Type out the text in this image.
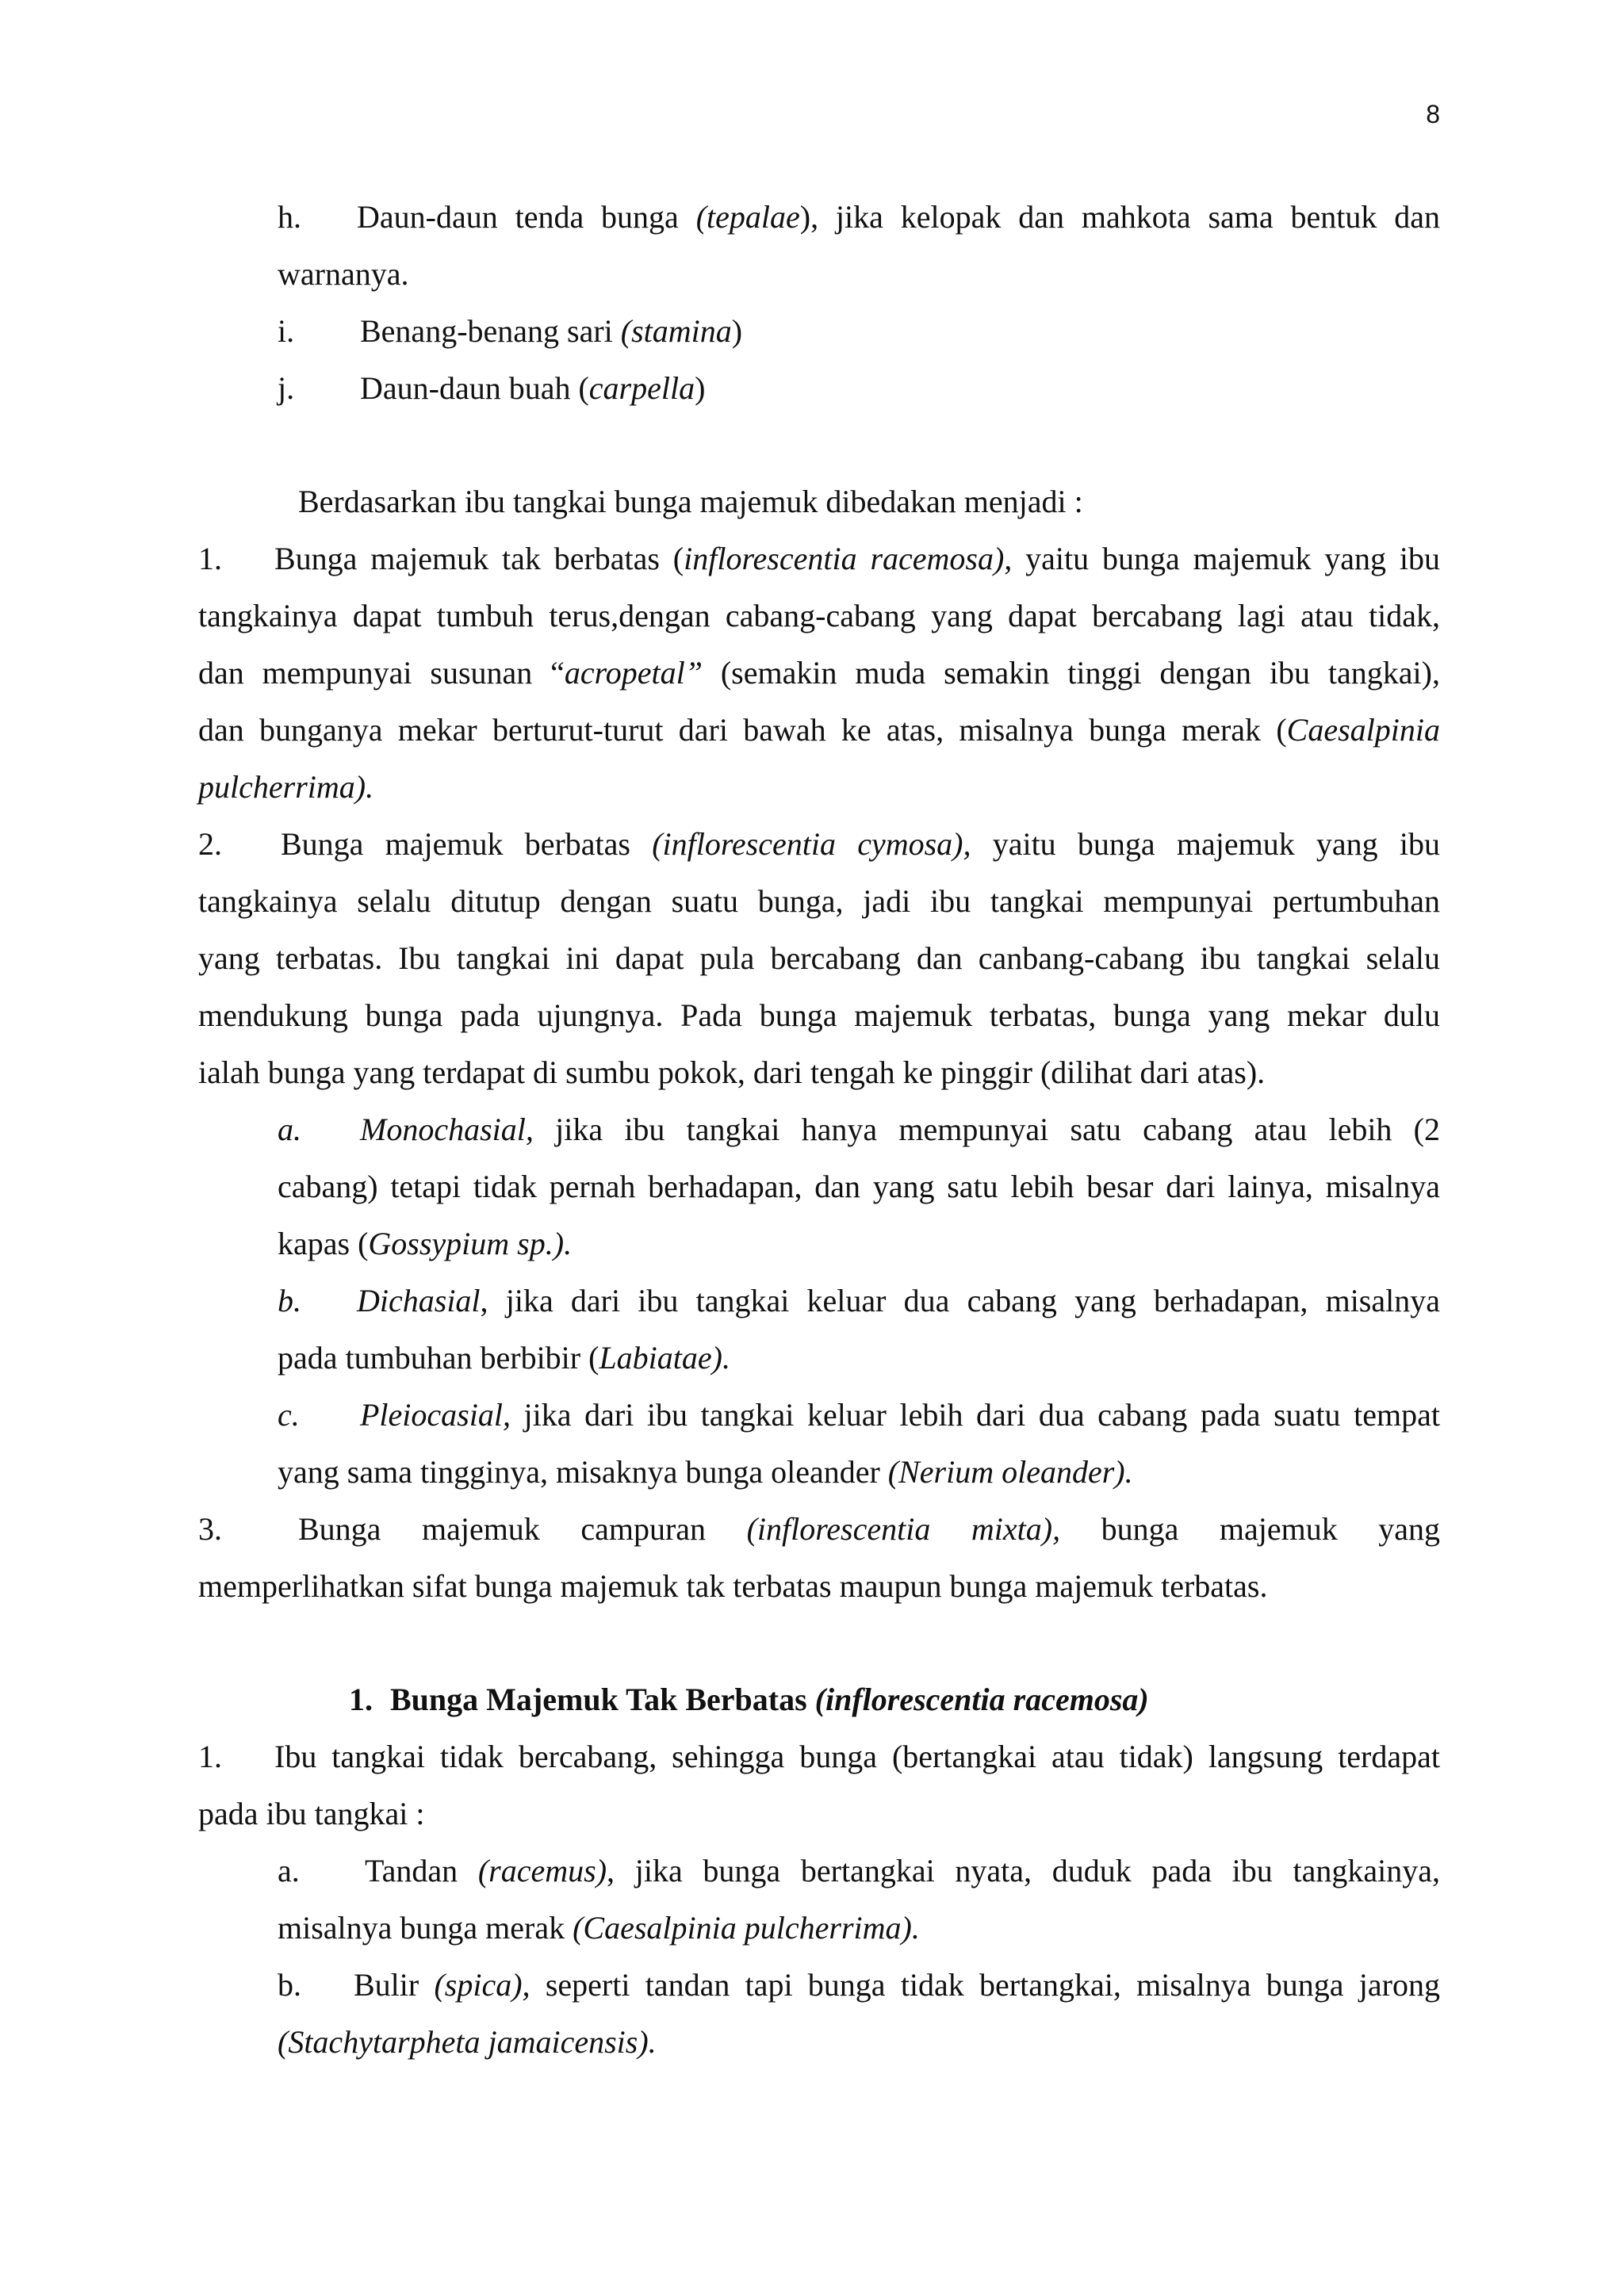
8
h. Daun-daun tenda bunga (tepalae), jika kelopak dan mahkota sama bentuk dan
warnanya.
i. Benang-benang sari (stamina)
j. Daun-daun buah (carpella)
Berdasarkan ibu tangkai bunga majemuk dibedakan menjadi :
1. Bunga majemuk tak berbatas (inflorescentia racemosa), yaitu bunga majemuk yang ibu
tangkainya dapat tumbuh terus,dengan cabang-cabang yang dapat bercabang lagi atau tidak,
dan mempunyai susunan “acropetal” (semakin muda semakin tinggi dengan ibu tangkai),
dan bunganya mekar berturut-turut dari bawah ke atas, misalnya bunga merak (Caesalpinia
pulcherrima).
2. Bunga majemuk berbatas (inflorescentia cymosa), yaitu bunga majemuk yang ibu
tangkainya selalu ditutup dengan suatu bunga, jadi ibu tangkai mempunyai pertumbuhan
yang terbatas. Ibu tangkai ini dapat pula bercabang dan canbang-cabang ibu tangkai selalu
mendukung bunga pada ujungnya. Pada bunga majemuk terbatas, bunga yang mekar dulu
ialah bunga yang terdapat di sumbu pokok, dari tengah ke pinggir (dilihat dari atas).
a. Monochasial, jika ibu tangkai hanya mempunyai satu cabang atau lebih (2
cabang) tetapi tidak pernah berhadapan, dan yang satu lebih besar dari lainya, misalnya
kapas (Gossypium sp.).
b. Dichasial, jika dari ibu tangkai keluar dua cabang yang berhadapan, misalnya
pada tumbuhan berbibir (Labiatae).
c. Pleiocasial, jika dari ibu tangkai keluar lebih dari dua cabang pada suatu tempat
yang sama tingginya, misaknya bunga oleander (Nerium oleander).
3. Bunga majemuk campuran (inflorescentia mixta), bunga majemuk yang
memperlihatkan sifat bunga majemuk tak terbatas maupun bunga majemuk terbatas.
1. Bunga Majemuk Tak Berbatas (inflorescentia racemosa)
1. Ibu tangkai tidak bercabang, sehingga bunga (bertangkai atau tidak) langsung terdapat
pada ibu tangkai :
a. Tandan (racemus), jika bunga bertangkai nyata, duduk pada ibu tangkainya,
misalnya bunga merak (Caesalpinia pulcherrima).
b. Bulir (spica), seperti tandan tapi bunga tidak bertangkai, misalnya bunga jarong
(Stachytarpheta jamaicensis).
